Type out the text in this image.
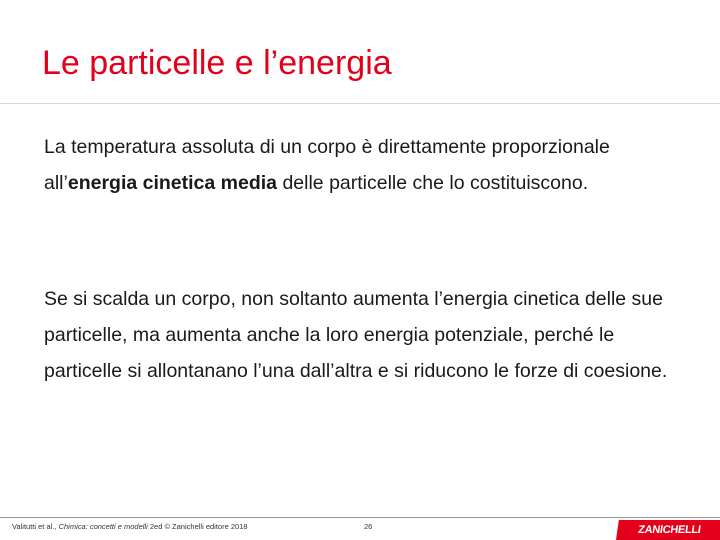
Le particelle e l’energia
La temperatura assoluta di un corpo è direttamente proporzionale all’energia cinetica media delle particelle che lo costituiscono.
Se si scalda un corpo, non soltanto aumenta l’energia cinetica delle sue particelle, ma aumenta anche la loro energia potenziale, perché le particelle si allontanano l’una dall’altra e si riducono le forze di coesione.
Valitutti et al., Chimica: concetti e modelli 2ed © Zanichelli editore 2018	26	ZANICHELLI
